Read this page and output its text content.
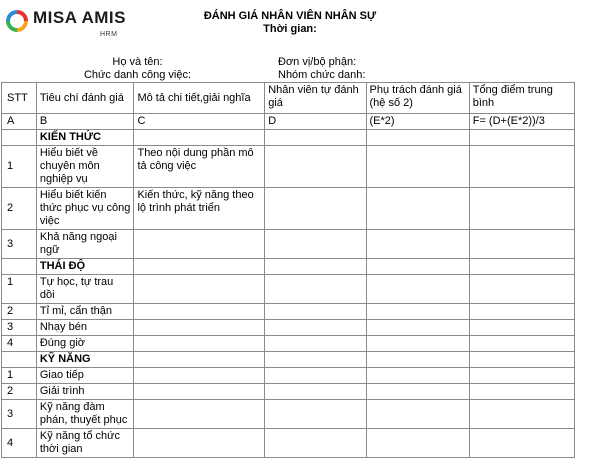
MISA AMIS
HRM
ĐÁNH GIÁ NHÂN VIÊN NHÂN SỰ
Thời gian:
Họ và tên:
Chức danh công việc:
Đơn vị/bộ phận:
Nhóm chức danh:
STT	Tiêu chí đánh giá	Mô tả chi tiết,giải nghĩa	Nhân viên tự đánh giá	Phụ trách đánh giá (hệ số 2)	Tổng điểm trung bình	
A	B	C	D	(E*2)	F= (D+(E*2))/3	
	KIẾN THỨC					
1	Hiểu biết về chuyên môn nghiệp vụ	Theo nội dung phần mô tả công việc				
2	Hiểu biết kiến thức phục vụ công việc	Kiến thức, kỹ năng theo lộ trình phát triển				
3	Khả năng ngoại ngữ					
	THÁI ĐỘ					
1	Tự học, tự trau dồi					
2	Tỉ mỉ, cẩn thận					
3	Nhạy bén					
4	Đúng giờ					
	KỸ NĂNG					
1	Giao tiếp					
2	Giải trình					
3	Kỹ năng đàm phán, thuyết phục					
4	Kỹ năng tổ chức thời gian					
